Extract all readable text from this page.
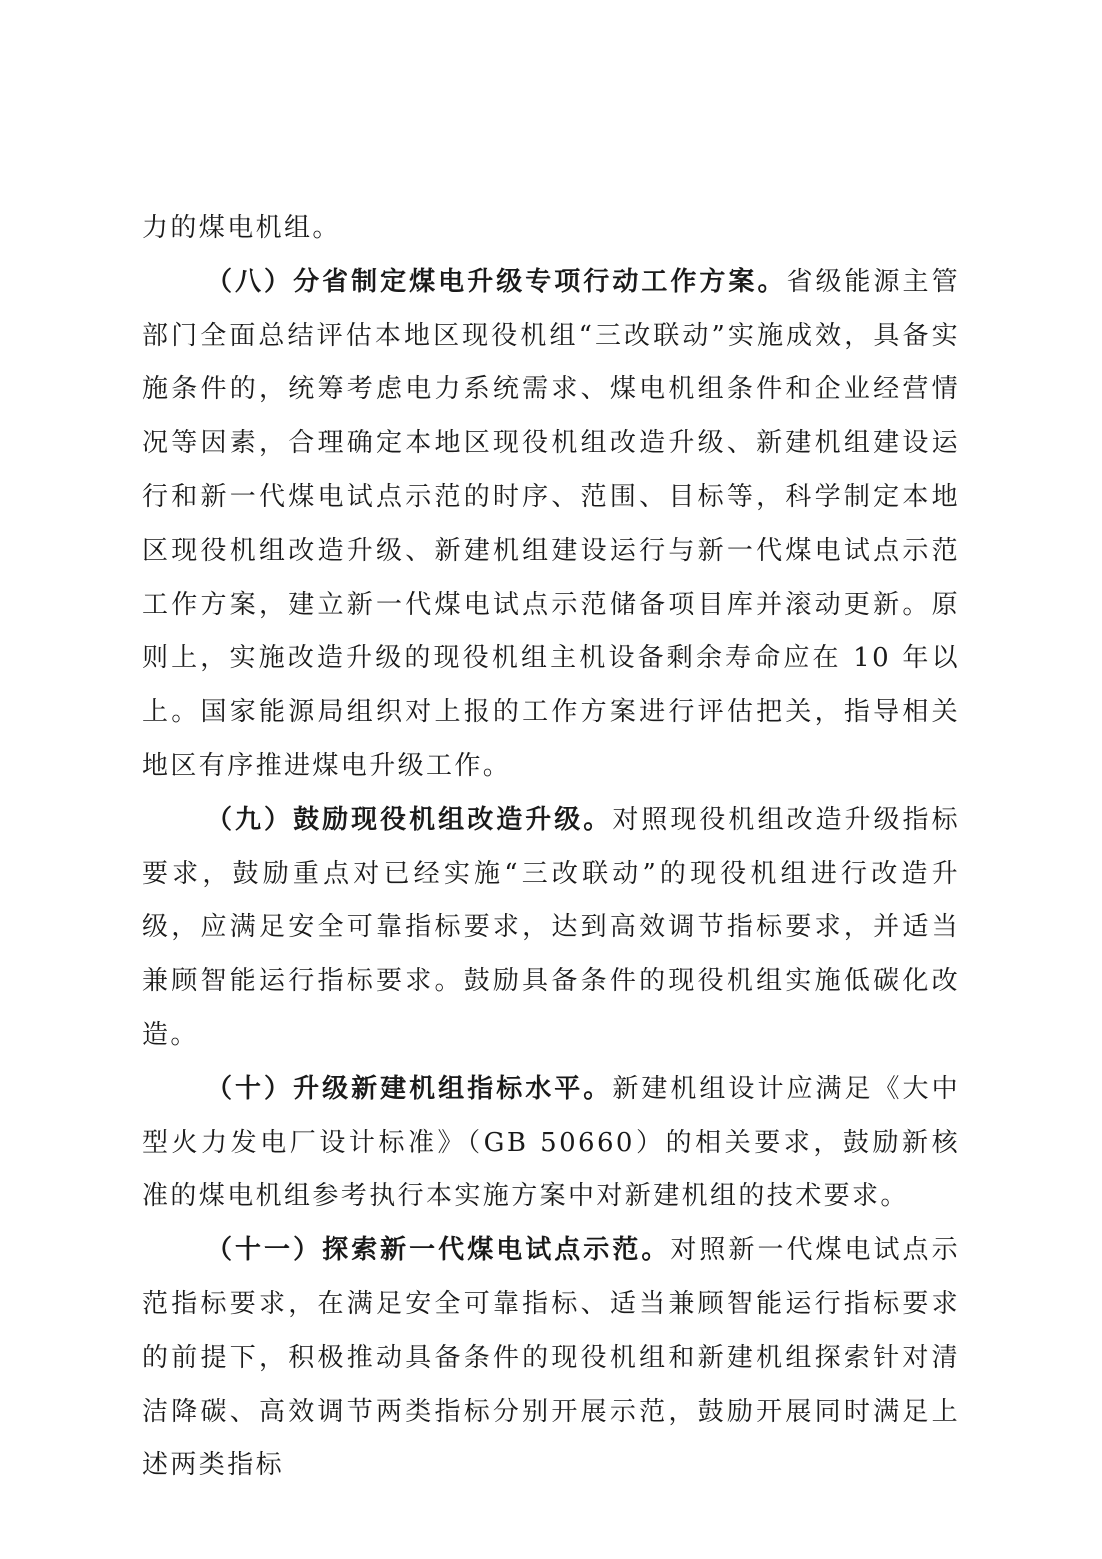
力的煤电机组。

（八）分省制定煤电升级专项行动工作方案。省级能源主管部门全面总结评估本地区现役机组“三改联动”实施成效，具备实施条件的，统筹考虑电力系统需求、煤电机组条件和企业经营情况等因素，合理确定本地区现役机组改造升级、新建机组建设运行和新一代煤电试点示范的时序、范围、目标等，科学制定本地区现役机组改造升级、新建机组建设运行与新一代煤电试点示范工作方案，建立新一代煤电试点示范储备项目库并滚动更新。原则上，实施改造升级的现役机组主机设备剩余寿命应在 10 年以上。国家能源局组织对上报的工作方案进行评估把关，指导相关地区有序推进煤电升级工作。

（九）鼓励现役机组改造升级。对照现役机组改造升级指标要求，鼓励重点对已经实施“三改联动”的现役机组进行改造升级，应满足安全可靠指标要求，达到高效调节指标要求，并适当兼顾智能运行指标要求。鼓励具备条件的现役机组实施低碳化改造。

（十）升级新建机组指标水平。新建机组设计应满足《大中型火力发电厂设计标准》（GB 50660）的相关要求，鼓励新核准的煤电机组参考执行本实施方案中对新建机组的技术要求。

（十一）探索新一代煤电试点示范。对照新一代煤电试点示范指标要求，在满足安全可靠指标、适当兼顾智能运行指标要求的前提下，积极推动具备条件的现役机组和新建机组探索针对清洁降碳、高效调节两类指标分别开展示范，鼓励开展同时满足上述两类指标
